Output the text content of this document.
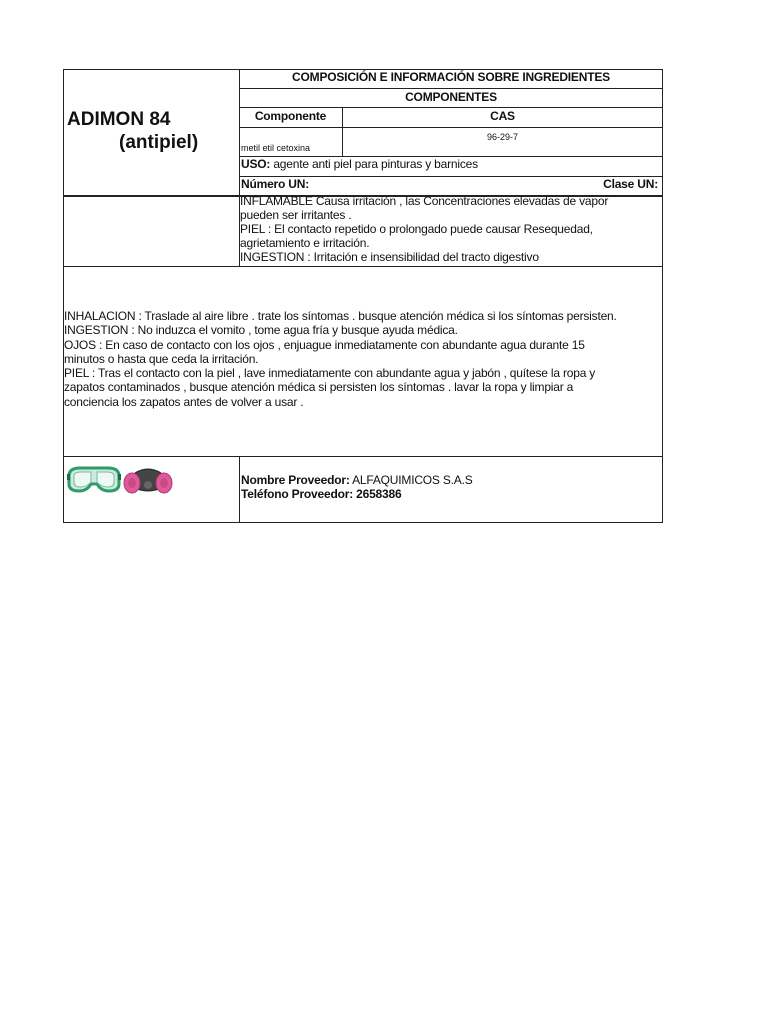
ADIMON 84
(antipiel)
COMPOSICIÓN E INFORMACIÓN SOBRE INGREDIENTES
COMPONENTES
Componente	CAS
metil etil cetoxina
96-29-7
USO: agente anti piel para pinturas y barnices
Número UN:	Clase UN:
INFLAMABLE Causa irritación , las Concentraciones elevadas de vapor
pueden ser irritantes .
PIEL : El contacto repetido o prolongado puede causar Resequedad,
agrietamiento e irritación.
INGESTION : Irritación e insensibilidad del tracto digestivo
INHALACION : Traslade al aire libre . trate los síntomas . busque atención médica si los síntomas persisten.
INGESTION : No induzca el vomito , tome agua fría y busque ayuda médica.
OJOS : En caso de contacto con los ojos , enjuague inmediatamente con abundante agua durante 15
minutos o hasta que ceda la irritación.
PIEL : Tras el contacto con la piel , lave inmediatamente con abundante agua y jabón , quítese la ropa y
zapatos contaminados , busque atención médica si persisten los síntomas . lavar la ropa y limpiar a
conciencia los zapatos antes de volver a usar .
Nombre Proveedor: ALFAQUIMICOS S.A.S
Teléfono Proveedor: 2658386
